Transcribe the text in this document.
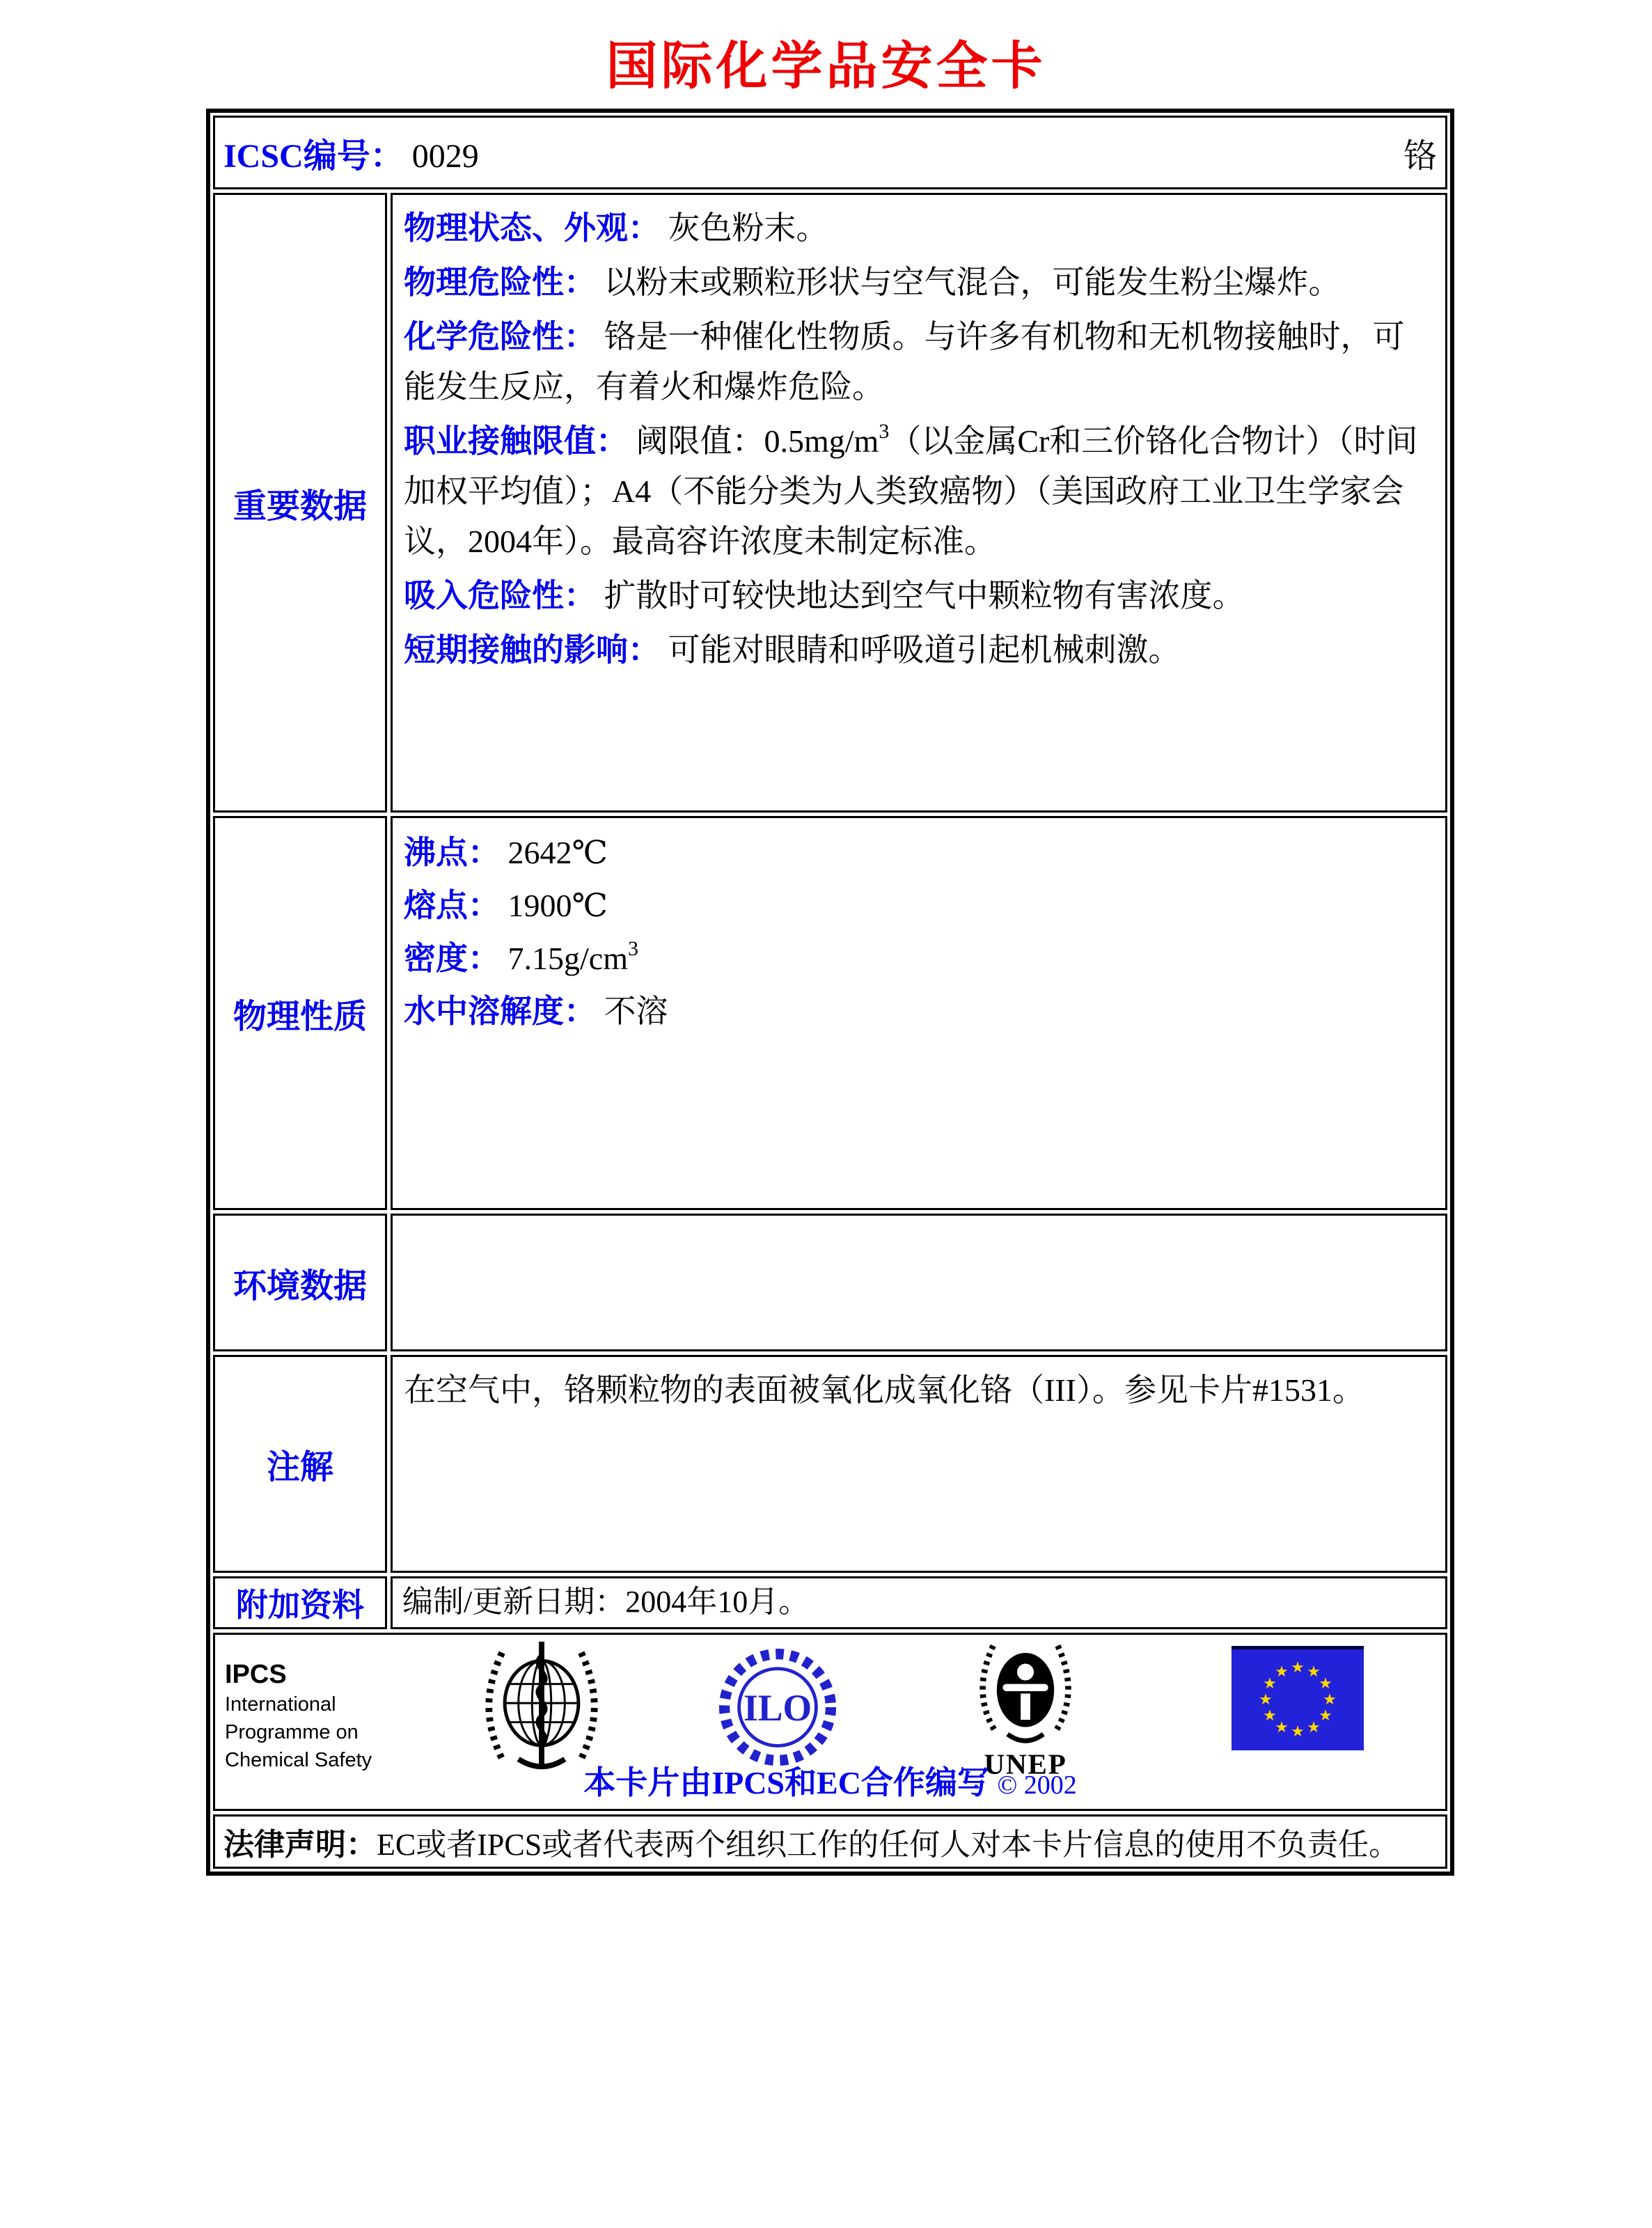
国际化学品安全卡
ICSC编号： 0029	铬
重要数据
物理状态、外观： 灰色粉末。
物理危险性： 以粉末或颗粒形状与空气混合，可能发生粉尘爆炸。
化学危险性： 铬是一种催化性物质。与许多有机物和无机物接触时，可能发生反应，有着火和爆炸危险。
职业接触限值： 阈限值：$0.5mg/m^3$（以金属Cr和三价铬化合物计）（时间加权平均值）；A4（不能分类为人类致癌物）（美国政府工业卫生学家会议，2004年）。最高容许浓度未制定标准。
吸入危险性： 扩散时可较快地达到空气中颗粒物有害浓度。
短期接触的影响： 可能对眼睛和呼吸道引起机械刺激。
物理性质
沸点： 2642℃
熔点： 1900℃
密度： $7.15g/cm^3$
水中溶解度： 不溶
环境数据
注解
在空气中，铬颗粒物的表面被氧化成氧化铬（III）。参见卡片#1531。
附加资料	编制/更新日期：2004年10月。
IPCS
International
Programme on
Chemical Safety
ILO
UNEP
★ ★
★
★
★
★
★
★
★
★
★
★
本卡片由IPCS和EC合作编写 © 2002
法律声明： EC或者IPCS或者代表两个组织工作的任何人对本卡片信息的使用不负责任。
